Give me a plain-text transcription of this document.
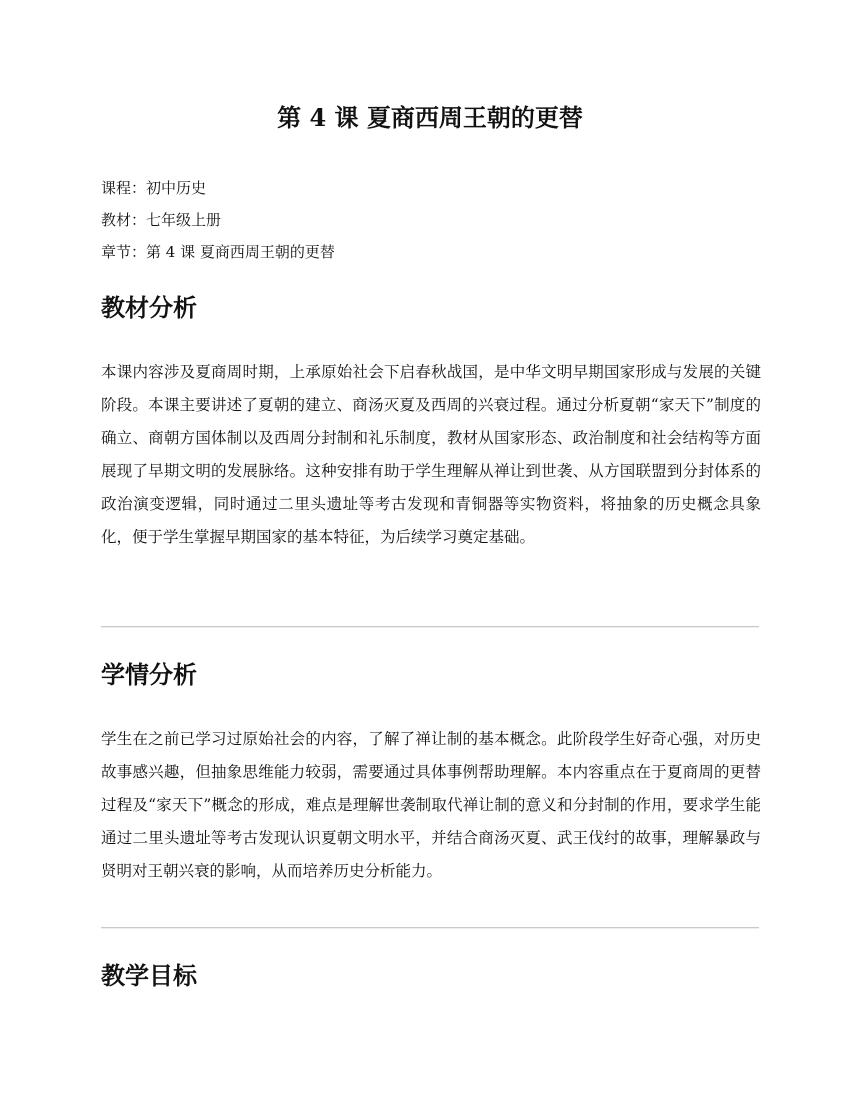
第 4 课 夏商西周王朝的更替
课程：初中历史
教材：七年级上册
章节：第 4 课 夏商西周王朝的更替
教材分析

本课内容涉及夏商周时期，上承原始社会下启春秋战国，是中华文明早期国家形成与发展的关键阶段。本课主要讲述了夏朝的建立、商汤灭夏及西周的兴衰过程。通过分析夏朝“家天下”制度的确立、商朝方国体制以及西周分封制和礼乐制度，教材从国家形态、政治制度和社会结构等方面展现了早期文明的发展脉络。这种安排有助于学生理解从禅让到世袭、从方国联盟到分封体系的政治演变逻辑，同时通过二里头遗址等考古发现和青铜器等实物资料，将抽象的历史概念具象化，便于学生掌握早期国家的基本特征，为后续学习奠定基础。

学情分析

学生在之前已学习过原始社会的内容，了解了禅让制的基本概念。此阶段学生好奇心强，对历史故事感兴趣，但抽象思维能力较弱，需要通过具体事例帮助理解。本内容重点在于夏商周的更替过程及“家天下”概念的形成，难点是理解世袭制取代禅让制的意义和分封制的作用，要求学生能通过二里头遗址等考古发现认识夏朝文明水平，并结合商汤灭夏、武王伐纣的故事，理解暴政与贤明对王朝兴衰的影响，从而培养历史分析能力。

教学目标
